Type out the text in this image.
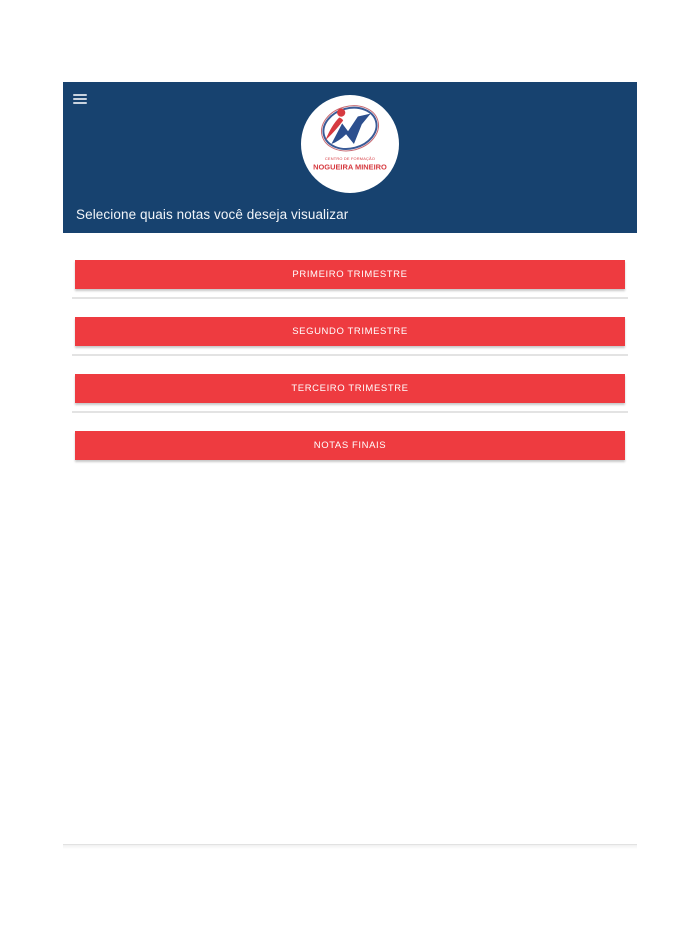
CENTRO DE FORMAÇÃO
NOGUEIRA MINEIRO
Selecione quais notas você deseja visualizar
PRIMEIRO TRIMESTRE
SEGUNDO TRIMESTRE
TERCEIRO TRIMESTRE
NOTAS FINAIS
